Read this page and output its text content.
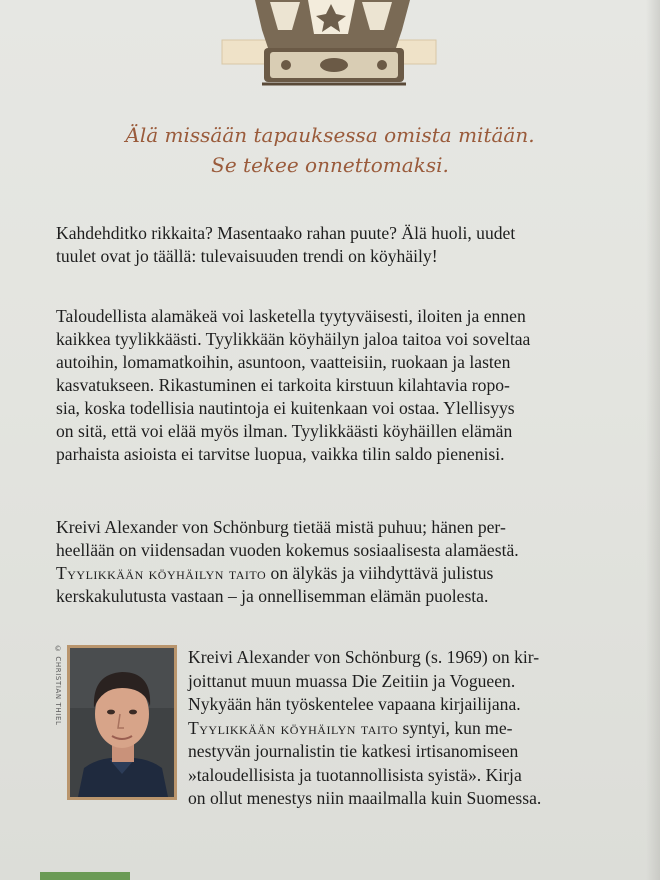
Älä missään tapauksessa omista mitään.
Se tekee onnettomaksi.
Kahdehditko rikkaita? Masentaako rahan puute? Älä huoli, uudet
tuulet ovat jo täällä: tulevaisuuden trendi on köyhäily!
Taloudellista alamäkeä voi lasketella tyytyväisesti, iloiten ja ennen
kaikkea tyylikkäästi. Tyylikkään köyhäilyn jaloa taitoa voi soveltaa
autoihin, lomamatkoihin, asuntoon, vaatteisiin, ruokaan ja lasten
kasvatukseen. Rikastuminen ei tarkoita kirstuun kilahtavia ropo-
sia, koska todellisia nautintoja ei kuitenkaan voi ostaa. Ylellisyys
on sitä, että voi elää myös ilman. Tyylikkäästi köyhäillen elämän
parhaista asioista ei tarvitse luopua, vaikka tilin saldo pienenisi.
Kreivi Alexander von Schönburg tietää mistä puhuu; hänen per-
heellään on viidensadan vuoden kokemus sosiaalisesta alamäestä.
Tyylikkään köyhäilyn taito on älykäs ja viihdyttävä julistus
kerskakulutusta vastaan – ja onnellisemman elämän puolesta.
© CHRISTIAN THIEL	Kreivi Alexander von Schönburg (s. 1969) on kir-
joittanut muun muassa Die Zeitiin ja Vogueen.
Nykyään hän työskentelee vapaana kirjailijana.
Tyylikkään köyhäilyn taito syntyi, kun me-
nestyvän journalistin tie katkesi irtisanomiseen
»taloudellisista ja tuotannollisista syistä». Kirja
on ollut menestys niin maailmalla kuin Suomessa.
